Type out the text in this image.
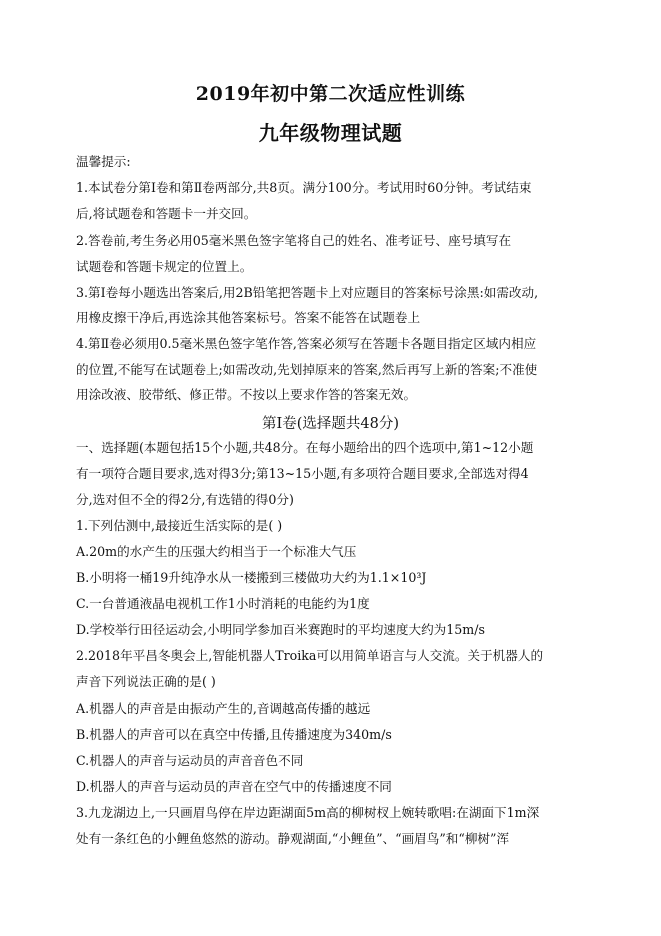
2019年初中第二次适应性训练
九年级物理试题
温馨提示:
1.本试卷分第Ⅰ卷和第Ⅱ卷两部分,共8页。满分100分。考试用时60分钟。考试结束
后,将试题卷和答题卡一并交回。
2.答卷前,考生务必用05毫米黑色签字笔将自己的姓名、准考证号、座号填写在
试题卷和答题卡规定的位置上。
3.第Ⅰ卷每小题选出答案后,用2B铅笔把答题卡上对应题目的答案标号涂黑:如需改动,
用橡皮擦干净后,再选涂其他答案标号。答案不能答在试题卷上
4.第Ⅱ卷必须用0.5毫米黑色签字笔作答,答案必须写在答题卡各题目指定区域内相应
的位置,不能写在试题卷上;如需改动,先划掉原来的答案,然后再写上新的答案;不准使
用涂改液、胶带纸、修正带。不按以上要求作答的答案无效。
第Ⅰ卷(选择题共48分)
一、选择题(本题包括15个小题,共48分。在每小题给出的四个选项中,第1~12小题
有一项符合题目要求,选对得3分;第13~15小题,有多项符合题目要求,全部选对得4
分,选对但不全的得2分,有选错的得0分)
1.下列估测中,最接近生活实际的是( )
A.20m的水产生的压强大约相当于一个标准大气压
B.小明将一桶19升纯净水从一楼搬到三楼做功大约为1.1×10³J
C.一台普通液晶电视机工作1小时消耗的电能约为1度
D.学校举行田径运动会,小明同学参加百米赛跑时的平均速度大约为15m/s
2.2018年平昌冬奥会上,智能机器人Troika可以用简单语言与人交流。关于机器人的
声音下列说法正确的是( )
A.机器人的声音是由振动产生的,音调越高传播的越远
B.机器人的声音可以在真空中传播,且传播速度为340m/s
C.机器人的声音与运动员的声音音色不同
D.机器人的声音与运动员的声音在空气中的传播速度不同
3.九龙湖边上,一只画眉鸟停在岸边距湖面5m高的柳树杈上婉转歌唱:在湖面下1m深
处有一条红色的小鲤鱼悠然的游动。静观湖面,“小鲤鱼”、“画眉鸟”和“柳树”浑
